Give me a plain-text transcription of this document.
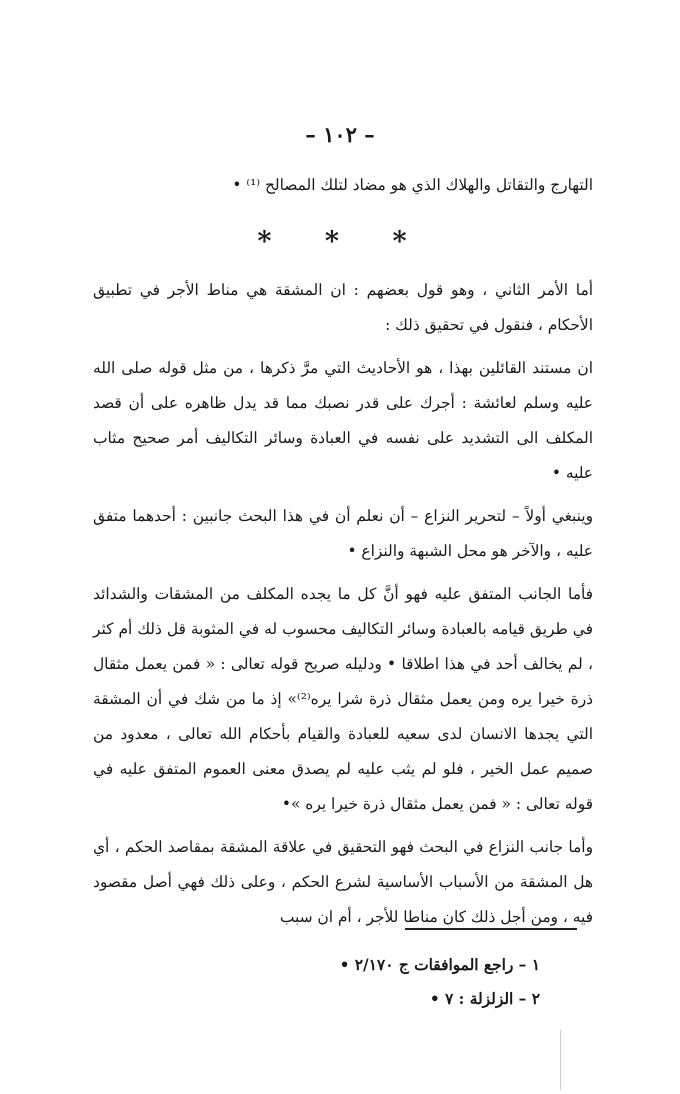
– ١٠٢ –

التهارج والتقاتل والهلاك الذي هو مضاد لتلك المصالح ⁽¹⁾ •

* * *

أما الأمر الثاني ، وهو قول بعضهم : ان المشقة هي مناط الأجر في تطبيق الأحكام ، فنقول في تحقيق ذلك :

ان مستند القائلين بهذا ، هو الأحاديث التي مرَّ ذكرها ، من مثل قوله صلى الله عليه وسلم لعائشة : أجرك على قدر نصبك مما قد يدل ظاهره على أن قصد المكلف الى التشديد على نفسه في العبادة وسائر التكاليف أمر صحيح مثاب عليه •

وينبغي أولاً – لتحرير النزاع – أن نعلم أن في هذا البحث جانبين : أحدهما متفق عليه ، والآخر هو محل الشبهة والنزاع •

فأما الجانب المتفق عليه فهو أنَّ كل ما يجده المكلف من المشقات والشدائد في طريق قيامه بالعبادة وسائر التكاليف محسوب له في المثوبة قل ذلك أم كثر ، لم يخالف أحد في هذا اطلاقا • ودليله صريح قوله تعالى : « فمن يعمل مثقال ذرة خيرا يره ومن يعمل مثقال ذرة شرا يره⁽²⁾» إذ ما من شك في أن المشقة التي يجدها الانسان لدى سعيه للعبادة والقيام بأحكام الله تعالى ، معدود من صميم عمل الخير ، فلو لم يثب عليه لم يصدق معنى العموم المتفق عليه في قوله تعالى : « فمن يعمل مثقال ذرة خيرا يره »•

وأما جانب النزاع في البحث فهو التحقيق في علاقة المشقة بمقاصد الحكم ، أي هل المشقة من الأسباب الأساسية لشرع الحكم ، وعلى ذلك فهي أصل مقصود فيه ، ومن أجل ذلك كان مناطا للأجر ، أم ان سبب

١ – راجع الموافقات ج ٢/١٧٠ •

٢ – الزلزلة : ٧ •
